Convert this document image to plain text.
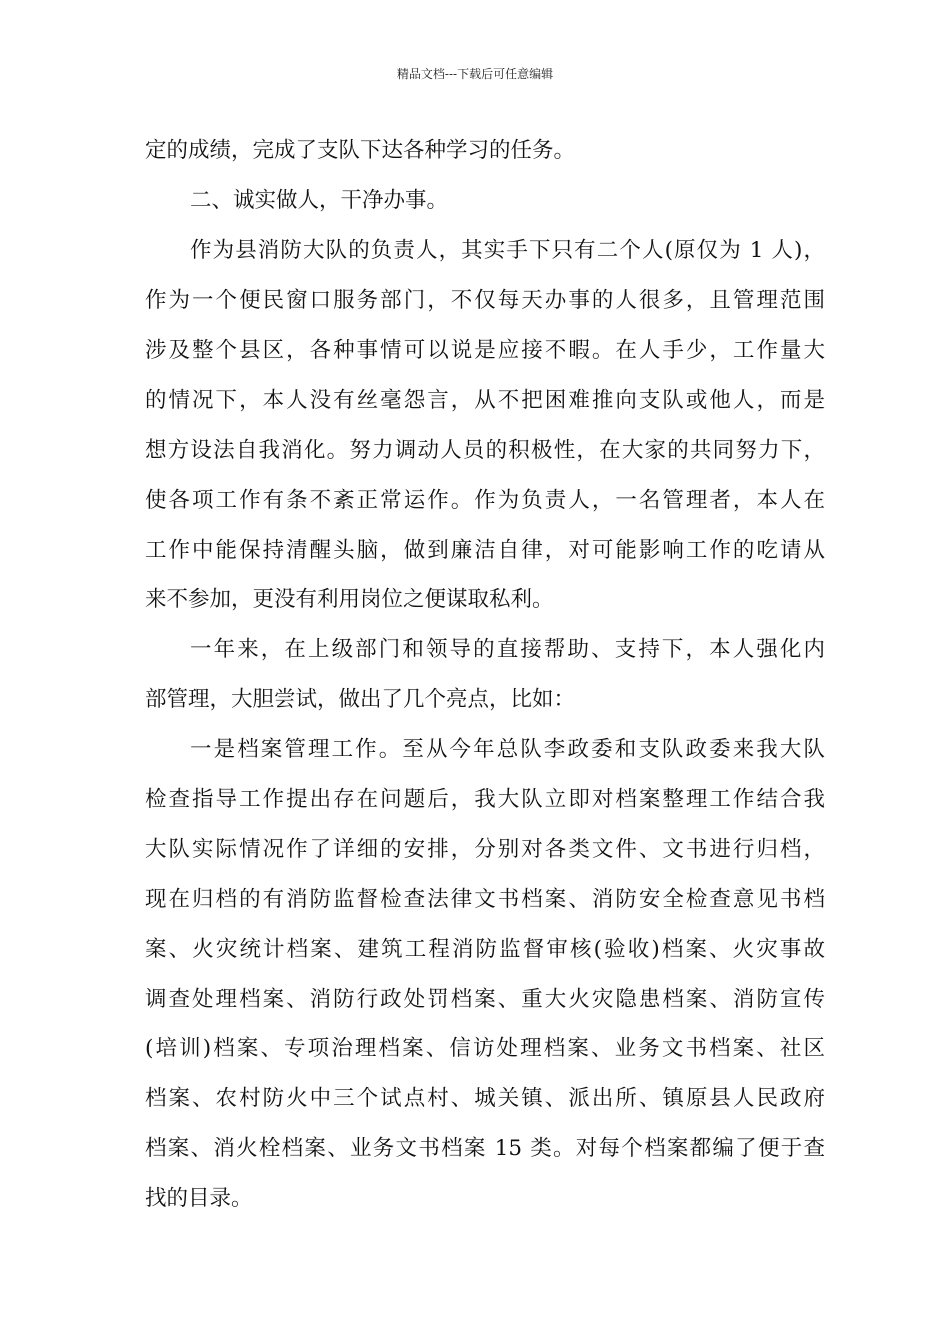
精品文档---下载后可任意编辑
定的成绩，完成了支队下达各种学习的任务。
二、诚实做人，干净办事。
作为县消防大队的负责人，其实手下只有二个人(原仅为 1 人)，
作为一个便民窗口服务部门，不仅每天办事的人很多，且管理范围
涉及整个县区，各种事情可以说是应接不暇。在人手少，工作量大
的情况下，本人没有丝毫怨言，从不把困难推向支队或他人，而是
想方设法自我消化。努力调动人员的积极性，在大家的共同努力下，
使各项工作有条不紊正常运作。作为负责人，一名管理者，本人在
工作中能保持清醒头脑，做到廉洁自律，对可能影响工作的吃请从
来不参加，更没有利用岗位之便谋取私利。
一年来，在上级部门和领导的直接帮助、支持下，本人强化内
部管理，大胆尝试，做出了几个亮点，比如：
一是档案管理工作。至从今年总队李政委和支队政委来我大队
检查指导工作提出存在问题后，我大队立即对档案整理工作结合我
大队实际情况作了详细的安排，分别对各类文件、文书进行归档，
现在归档的有消防监督检查法律文书档案、消防安全检查意见书档
案、火灾统计档案、建筑工程消防监督审核(验收)档案、火灾事故
调查处理档案、消防行政处罚档案、重大火灾隐患档案、消防宣传
(培训)档案、专项治理档案、信访处理档案、业务文书档案、社区
档案、农村防火中三个试点村、城关镇、派出所、镇原县人民政府
档案、消火栓档案、业务文书档案 15 类。对每个档案都编了便于查
找的目录。
